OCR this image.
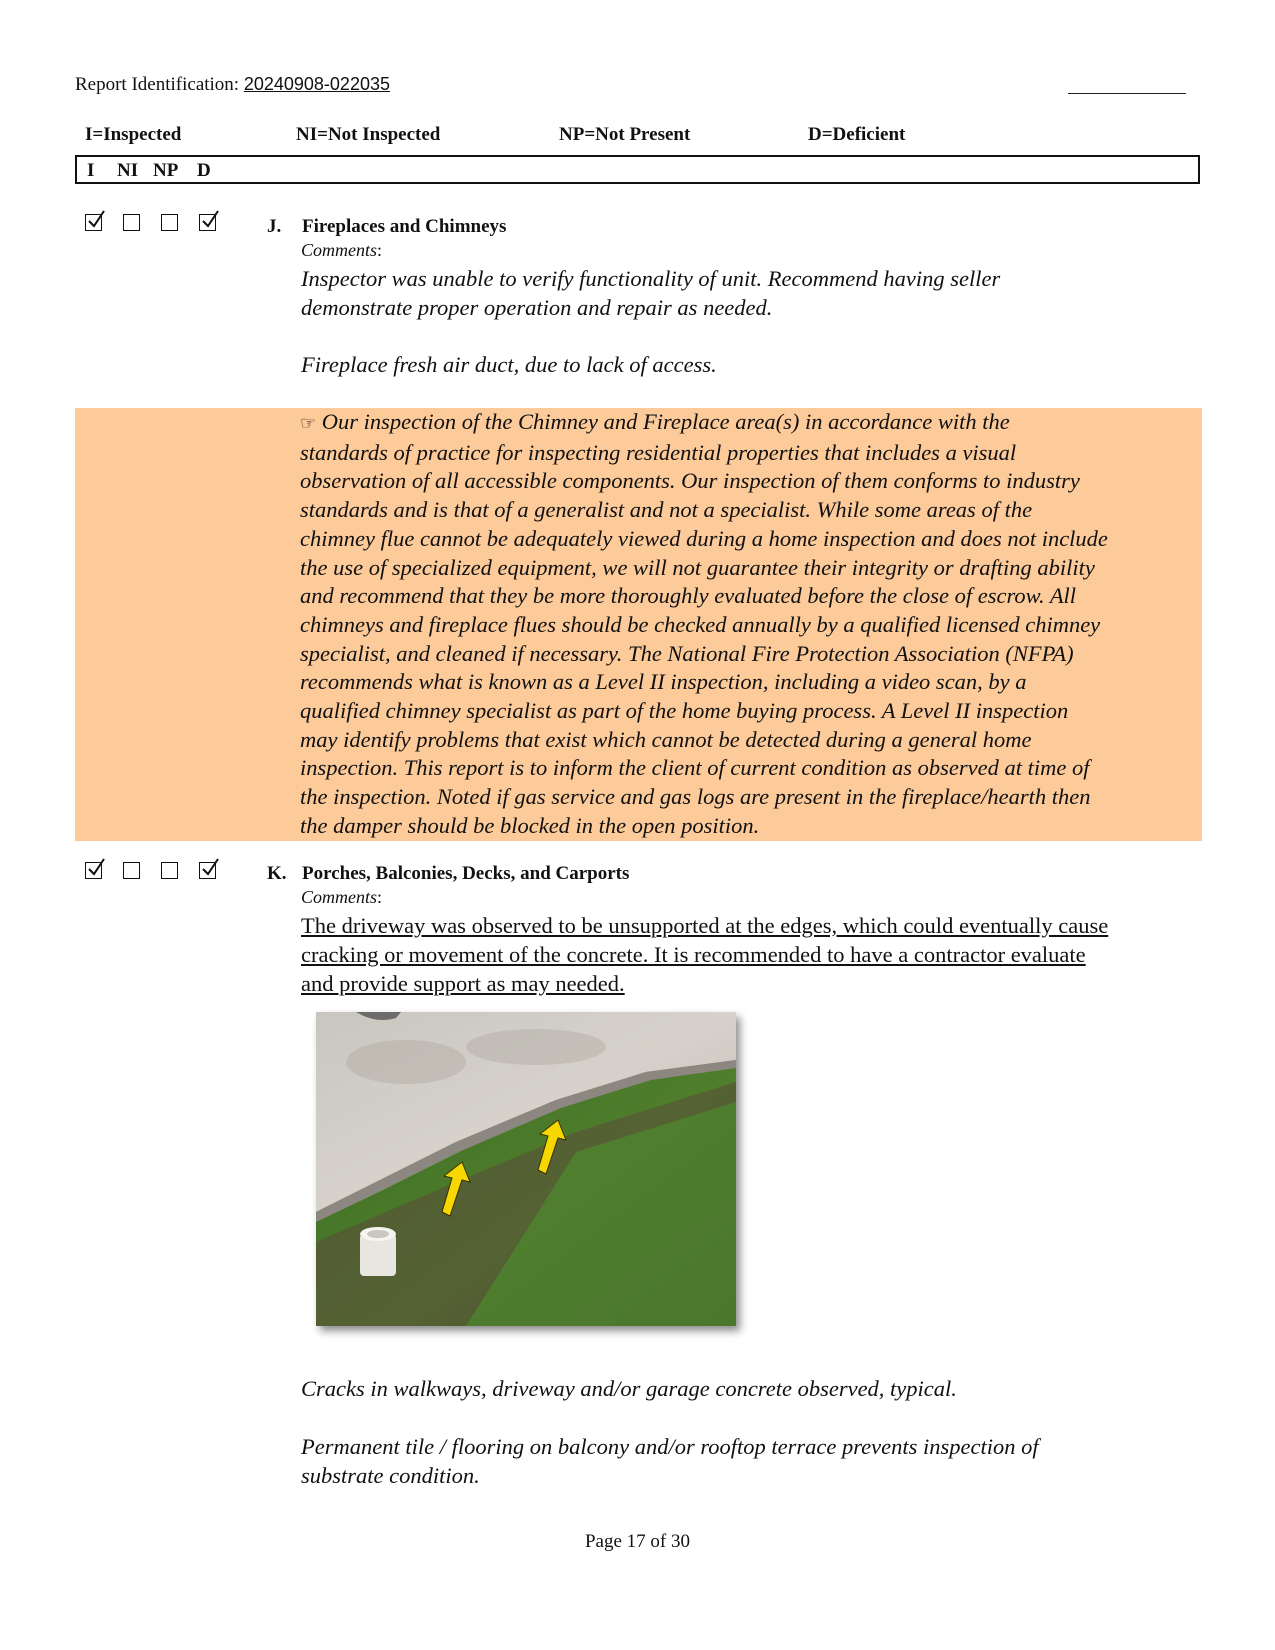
Report Identification: 20240908-022035
I=Inspected	NI=Not Inspected	NP=Not Present	D=Deficient
I NI NP D
J. Fireplaces and Chimneys
Comments:
Inspector was unable to verify functionality of unit. Recommend having seller
demonstrate proper operation and repair as needed.
Fireplace fresh air duct, due to lack of access.
☞ Our inspection of the Chimney and Fireplace area(s) in accordance with the
standards of practice for inspecting residential properties that includes a visual
observation of all accessible components. Our inspection of them conforms to industry
standards and is that of a generalist and not a specialist. While some areas of the
chimney flue cannot be adequately viewed during a home inspection and does not include
the use of specialized equipment, we will not guarantee their integrity or drafting ability
and recommend that they be more thoroughly evaluated before the close of escrow. All
chimneys and fireplace flues should be checked annually by a qualified licensed chimney
specialist, and cleaned if necessary. The National Fire Protection Association (NFPA)
recommends what is known as a Level II inspection, including a video scan, by a
qualified chimney specialist as part of the home buying process. A Level II inspection
may identify problems that exist which cannot be detected during a general home
inspection. This report is to inform the client of current condition as observed at time of
the inspection. Noted if gas service and gas logs are present in the fireplace/hearth then
the damper should be blocked in the open position.
K. Porches, Balconies, Decks, and Carports
Comments:
The driveway was observed to be unsupported at the edges, which could eventually cause
cracking or movement of the concrete. It is recommended to have a contractor evaluate
and provide support as may needed.
Cracks in walkways, driveway and/or garage concrete observed, typical.
Permanent tile / flooring on balcony and/or rooftop terrace prevents inspection of
substrate condition.
Page 17 of 30
